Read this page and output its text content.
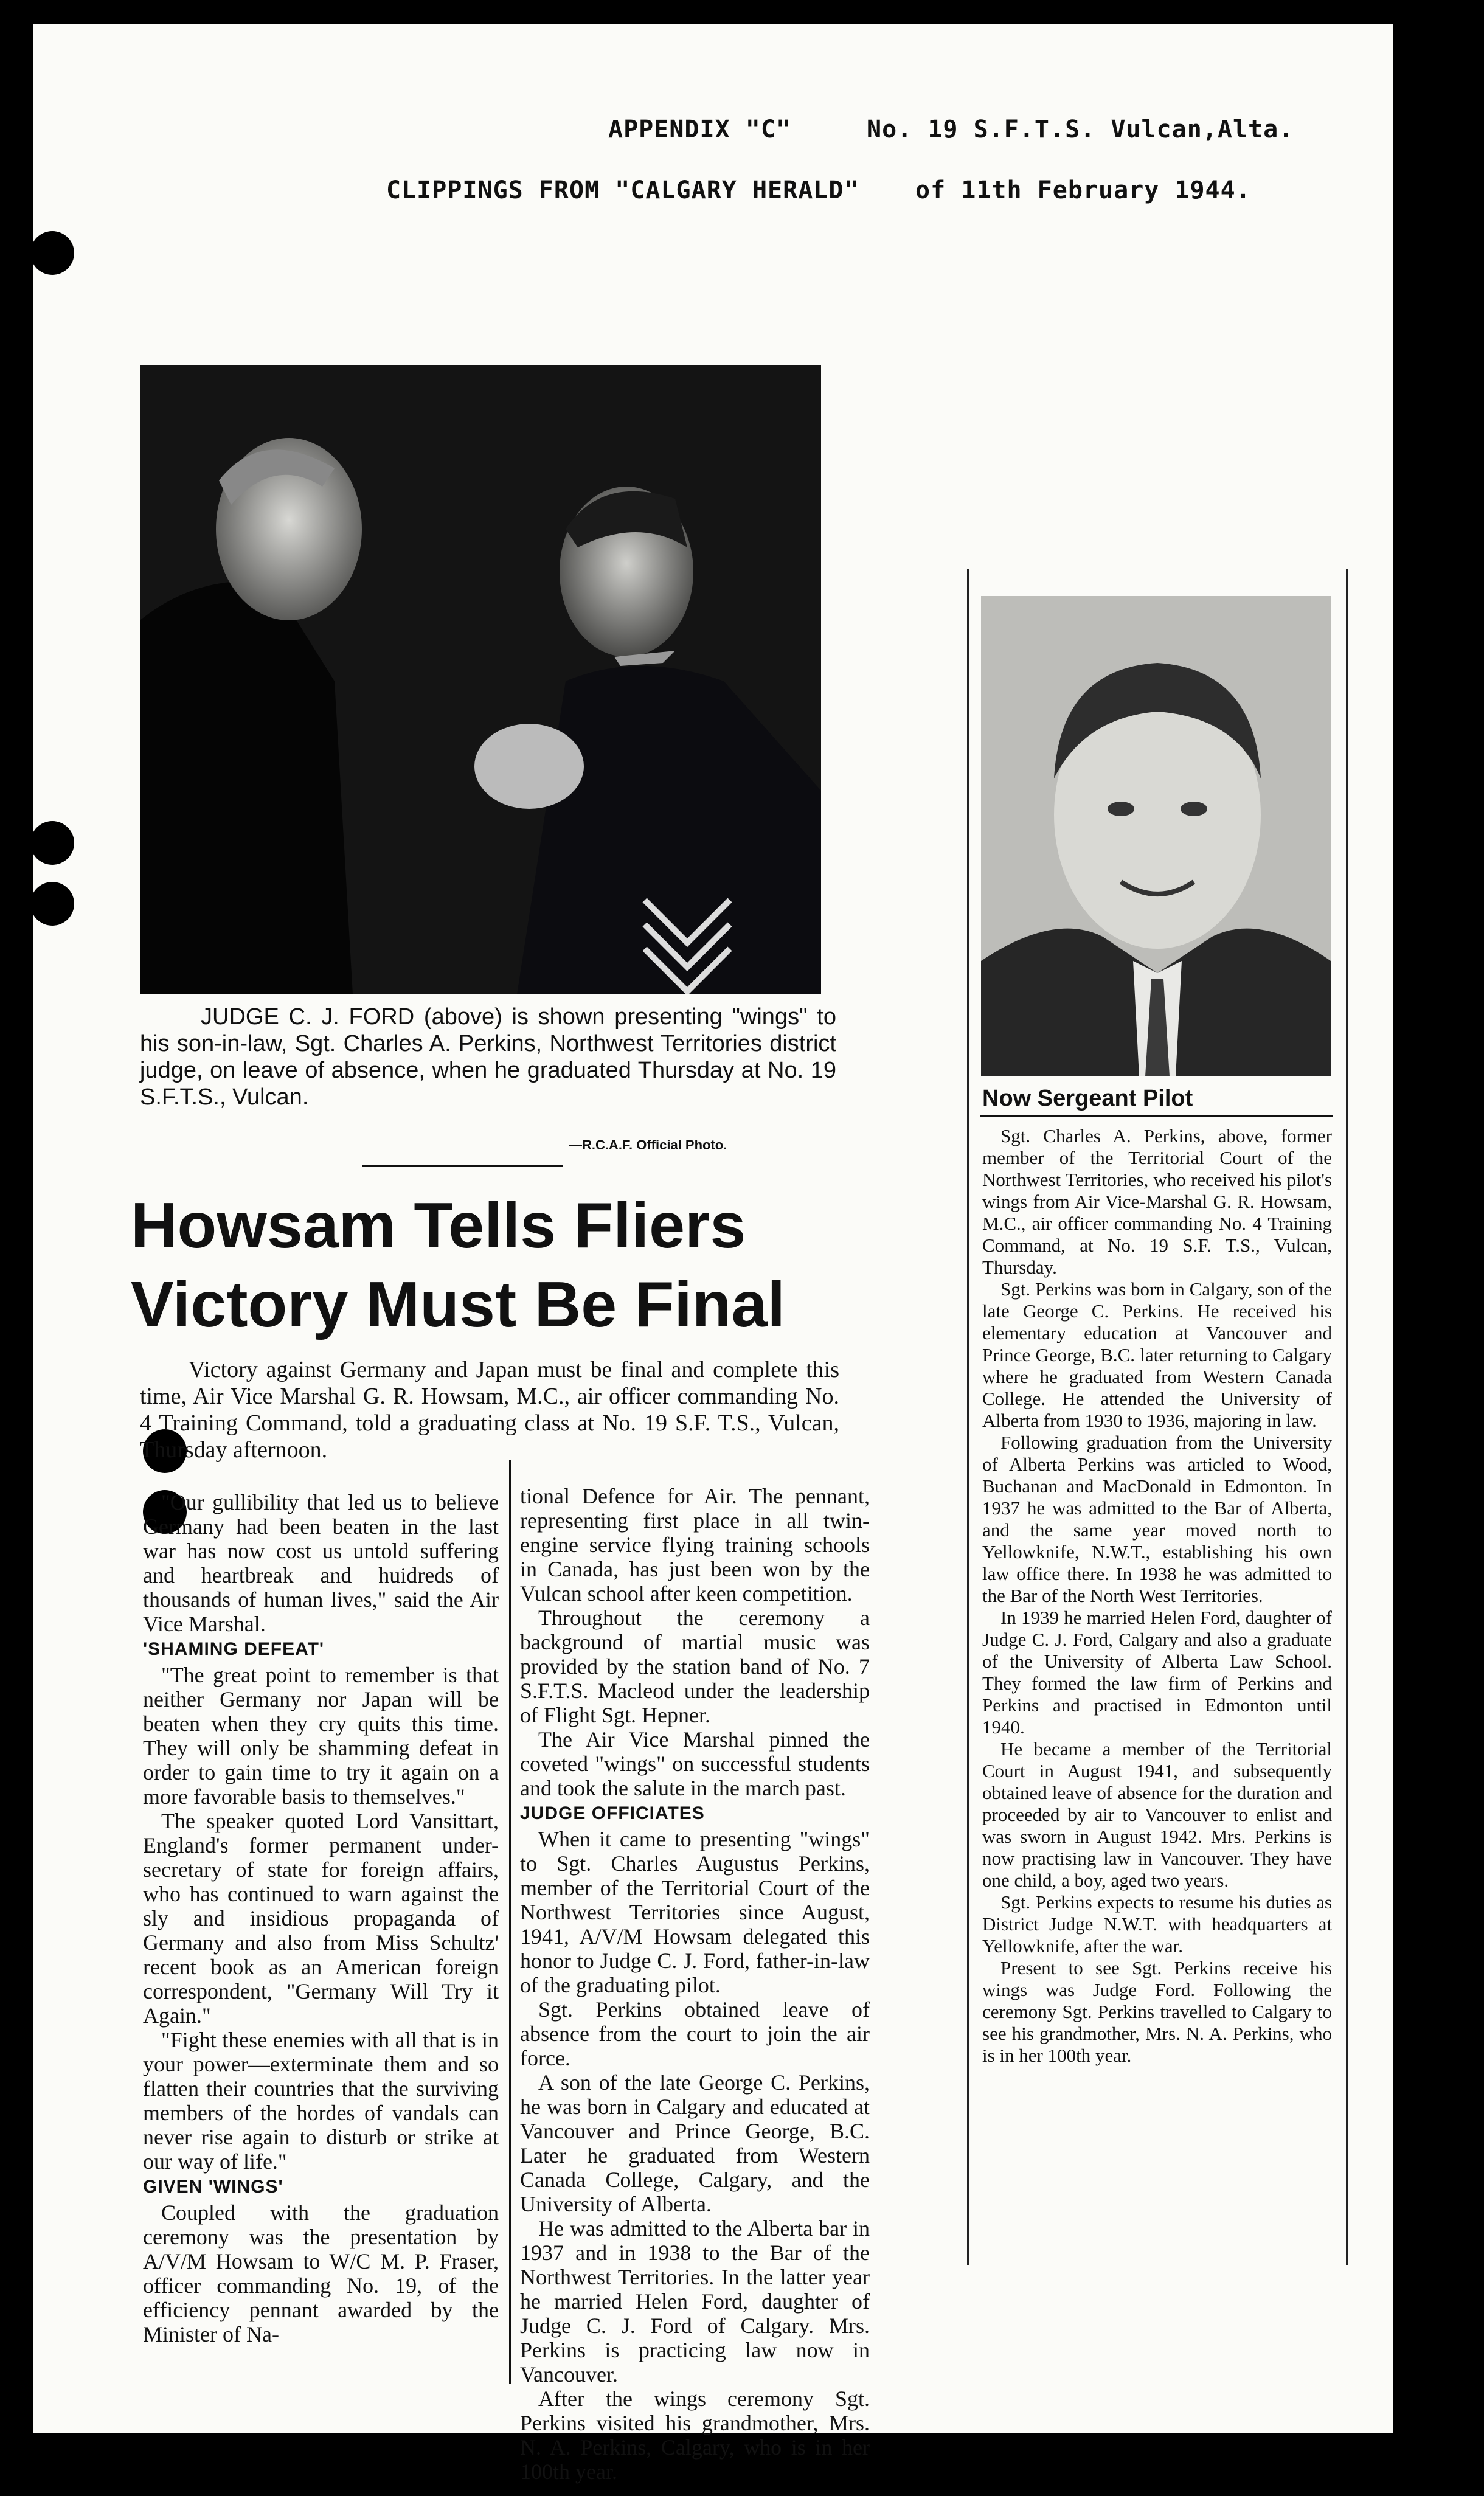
APPENDIX "C"	No. 19 S.F.T.S. Vulcan,Alta.
CLIPPINGS FROM "CALGARY HERALD" of 11th February 1944.
JUDGE C. J. FORD (above) is shown presenting "wings" to his son-in-law, Sgt. Charles A. Perkins, Northwest Territories district judge, on leave of absence, when he graduated Thursday at No. 19 S.F.T.S., Vulcan.
—R.C.A.F. Official Photo.
Howsam Tells Fliers
Victory Must Be Final
Victory against Germany and Japan must be final and complete this time, Air Vice Marshal G. R. Howsam, M.C., air officer commanding No. 4 Training Command, told a graduating class at No. 19 S.F. T.S., Vulcan, Thursday afternoon.

"Our gullibility that led us to believe Germany had been beaten in the last war has now cost us untold suffering and heartbreak and huidreds of thousands of human lives," said the Air Vice Marshal.

'SHAMING DEFEAT'

"The great point to remember is that neither Germany nor Japan will be beaten when they cry quits this time. They will only be shamming defeat in order to gain time to try it again on a more favorable basis to themselves."

The speaker quoted Lord Vansittart, England's former permanent under-secretary of state for foreign affairs, who has continued to warn against the sly and insidious propaganda of Germany and also from Miss Schultz' recent book as an American foreign correspondent, "Germany Will Try it Again."

"Fight these enemies with all that is in your power—exterminate them and so flatten their countries that the surviving members of the hordes of vandals can never rise again to disturb or strike at our way of life."

GIVEN 'WINGS'

Coupled with the graduation ceremony was the presentation by A/V/M Howsam to W/C M. P. Fraser, officer commanding No. 19, of the efficiency pennant awarded by the Minister of Na-

tional Defence for Air. The pennant, representing first place in all twin-engine service flying training schools in Canada, has just been won by the Vulcan school after keen competition.

Throughout the ceremony a background of martial music was provided by the station band of No. 7 S.F.T.S. Macleod under the leadership of Flight Sgt. Hepner.

The Air Vice Marshal pinned the coveted "wings" on successful students and took the salute in the march past.

JUDGE OFFICIATES

When it came to presenting "wings" to Sgt. Charles Augustus Perkins, member of the Territorial Court of the Northwest Territories since August, 1941, A/V/M Howsam delegated this honor to Judge C. J. Ford, father-in-law of the graduating pilot.

Sgt. Perkins obtained leave of absence from the court to join the air force.

A son of the late George C. Perkins, he was born in Calgary and educated at Vancouver and Prince George, B.C. Later he graduated from Western Canada College, Calgary, and the University of Alberta.

He was admitted to the Alberta bar in 1937 and in 1938 to the Bar of the Northwest Territories. In the latter year he married Helen Ford, daughter of Judge C. J. Ford of Calgary. Mrs. Perkins is practicing law now in Vancouver.

After the wings ceremony Sgt. Perkins visited his grandmother, Mrs. N. A. Perkins, Calgary, who is in her 100th year.

Now Sergeant Pilot

Sgt. Charles A. Perkins, above, former member of the Territorial Court of the Northwest Territories, who received his pilot's wings from Air Vice-Marshal G. R. Howsam, M.C., air officer commanding No. 4 Training Command, at No. 19 S.F. T.S., Vulcan, Thursday.

Sgt. Perkins was born in Calgary, son of the late George C. Perkins. He received his elementary education at Vancouver and Prince George, B.C. later returning to Calgary where he graduated from Western Canada College. He attended the University of Alberta from 1930 to 1936, majoring in law.

Following graduation from the University of Alberta Perkins was articled to Wood, Buchanan and MacDonald in Edmonton. In 1937 he was admitted to the Bar of Alberta, and the same year moved north to Yellowknife, N.W.T., establishing his own law office there. In 1938 he was admitted to the Bar of the North West Territories.

In 1939 he married Helen Ford, daughter of Judge C. J. Ford, Calgary and also a graduate of the University of Alberta Law School. They formed the law firm of Perkins and Perkins and practised in Edmonton until 1940.

He became a member of the Territorial Court in August 1941, and subsequently obtained leave of absence for the duration and proceeded by air to Vancouver to enlist and was sworn in August 1942. Mrs. Perkins is now practising law in Vancouver. They have one child, a boy, aged two years.

Sgt. Perkins expects to resume his duties as District Judge N.W.T. with headquarters at Yellowknife, after the war.

Present to see Sgt. Perkins receive his wings was Judge Ford. Following the ceremony Sgt. Perkins travelled to Calgary to see his grandmother, Mrs. N. A. Perkins, who is in her 100th year.
